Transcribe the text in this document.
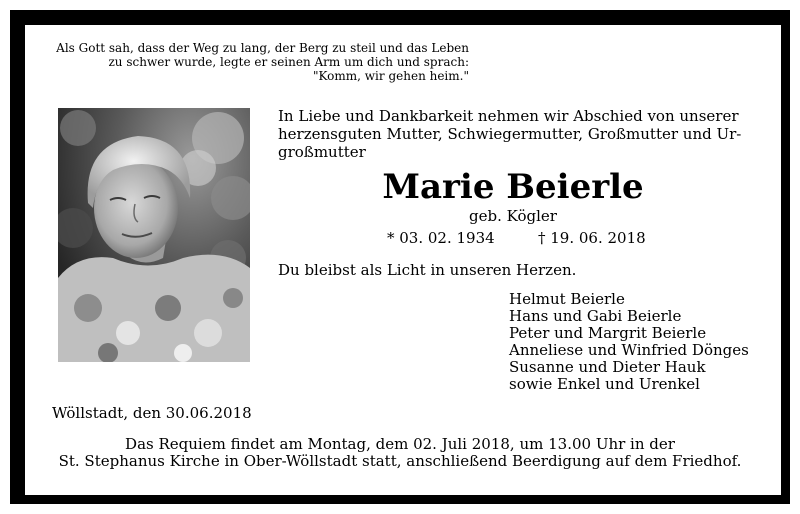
Als Gott sah, dass der Weg zu lang, der Berg zu steil und das Leben
zu schwer wurde, legte er seinen Arm um dich und sprach:
"Komm, wir gehen heim."
In Liebe und Dankbarkeit nehmen wir Abschied von unserer
herzensguten Mutter, Schwiegermutter, Großmutter und Ur-
großmutter
Marie Beierle
geb. Kögler
* 03. 02. 1934	† 19. 06. 2018
Du bleibst als Licht in unseren Herzen.
Helmut Beierle
Hans und Gabi Beierle
Peter und Margrit Beierle
Anneliese und Winfried Dönges
Susanne und Dieter Hauk
sowie Enkel und Urenkel
Wöllstadt, den 30.06.2018
Das Requiem findet am Montag, dem 02. Juli 2018, um 13.00 Uhr in der
St. Stephanus Kirche in Ober-Wöllstadt statt, anschließend Beerdigung auf dem Friedhof.
